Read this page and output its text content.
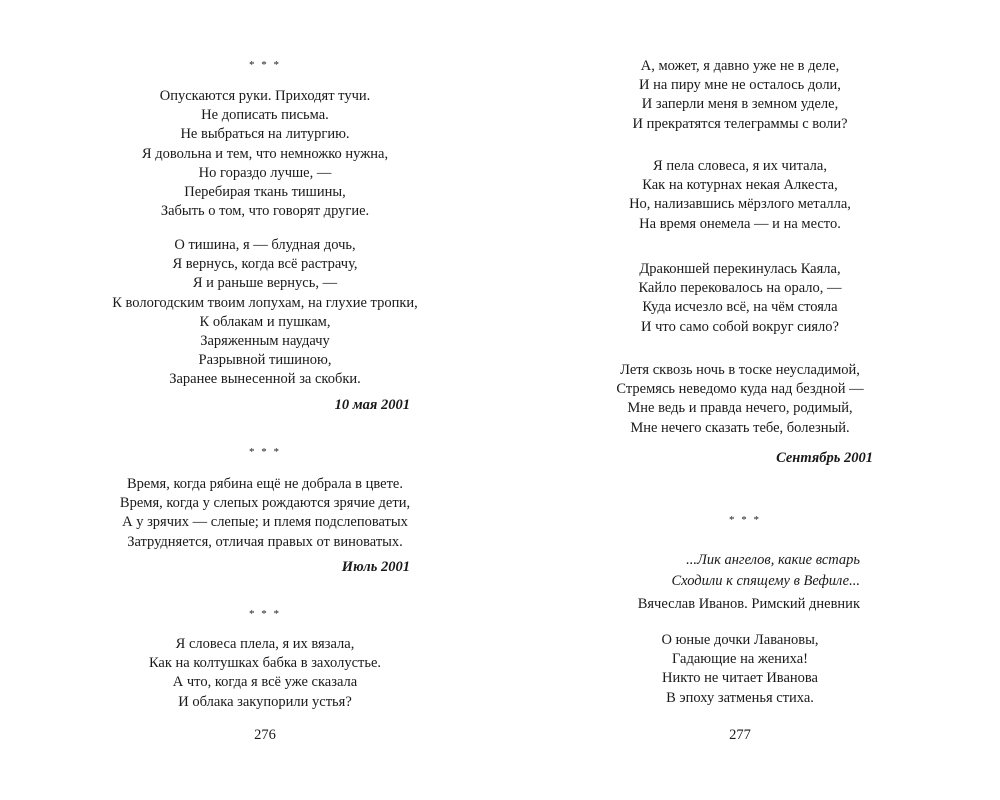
* * *
Опускаются руки. Приходят тучи.
Не дописать письма.
Не выбраться на литургию.
Я довольна и тем, что немножко нужна,
Но гораздо лучше, —
Перебирая ткань тишины,
Забыть о том, что говорят другие.
О тишина, я — блудная дочь,
Я вернусь, когда всё растрачу,
Я и раньше вернусь, —
К вологодским твоим лопухам, на глухие тропки,
К облакам и пушкам,
Заряженным наудачу
Разрывной тишиною,
Заранее вынесенной за скобки.
10 мая 2001
* * *
Время, когда рябина ещё не добрала в цвете.
Время, когда у слепых рождаются зрячие дети,
А у зрячих — слепые; и племя подслеповатых
Затрудняется, отличая правых от виноватых.
Июль 2001
* * *
Я словеса плела, я их вязала,
Как на колтушках бабка в захолустье.
А что, когда я всё уже сказала
И облака закупорили устья?
276
А, может, я давно уже не в деле,
И на пиру мне не осталось доли,
И заперли меня в земном уделе,
И прекратятся телеграммы с воли?
Я пела словеса, я их читала,
Как на котурнах некая Алкеста,
Но, нализавшись мёрзлого металла,
На время онемела — и на место.
Драконшей перекинулась Каяла,
Кайло перековалось на орало, —
Куда исчезло всё, на чём стояла
И что само собой вокруг сияло?
Летя сквозь ночь в тоске неусладимой,
Стремясь неведомо куда над бездной —
Мне ведь и правда нечего, родимый,
Мне нечего сказать тебе, болезный.
Сентябрь 2001
* * *
...Лик ангелов, какие встарь
Сходили к спящему в Вефиле...
Вячеслав Иванов. Римский дневник
О юные дочки Лавановы,
Гадающие на жениха!
Никто не читает Иванова
В эпоху затменья стиха.
277
